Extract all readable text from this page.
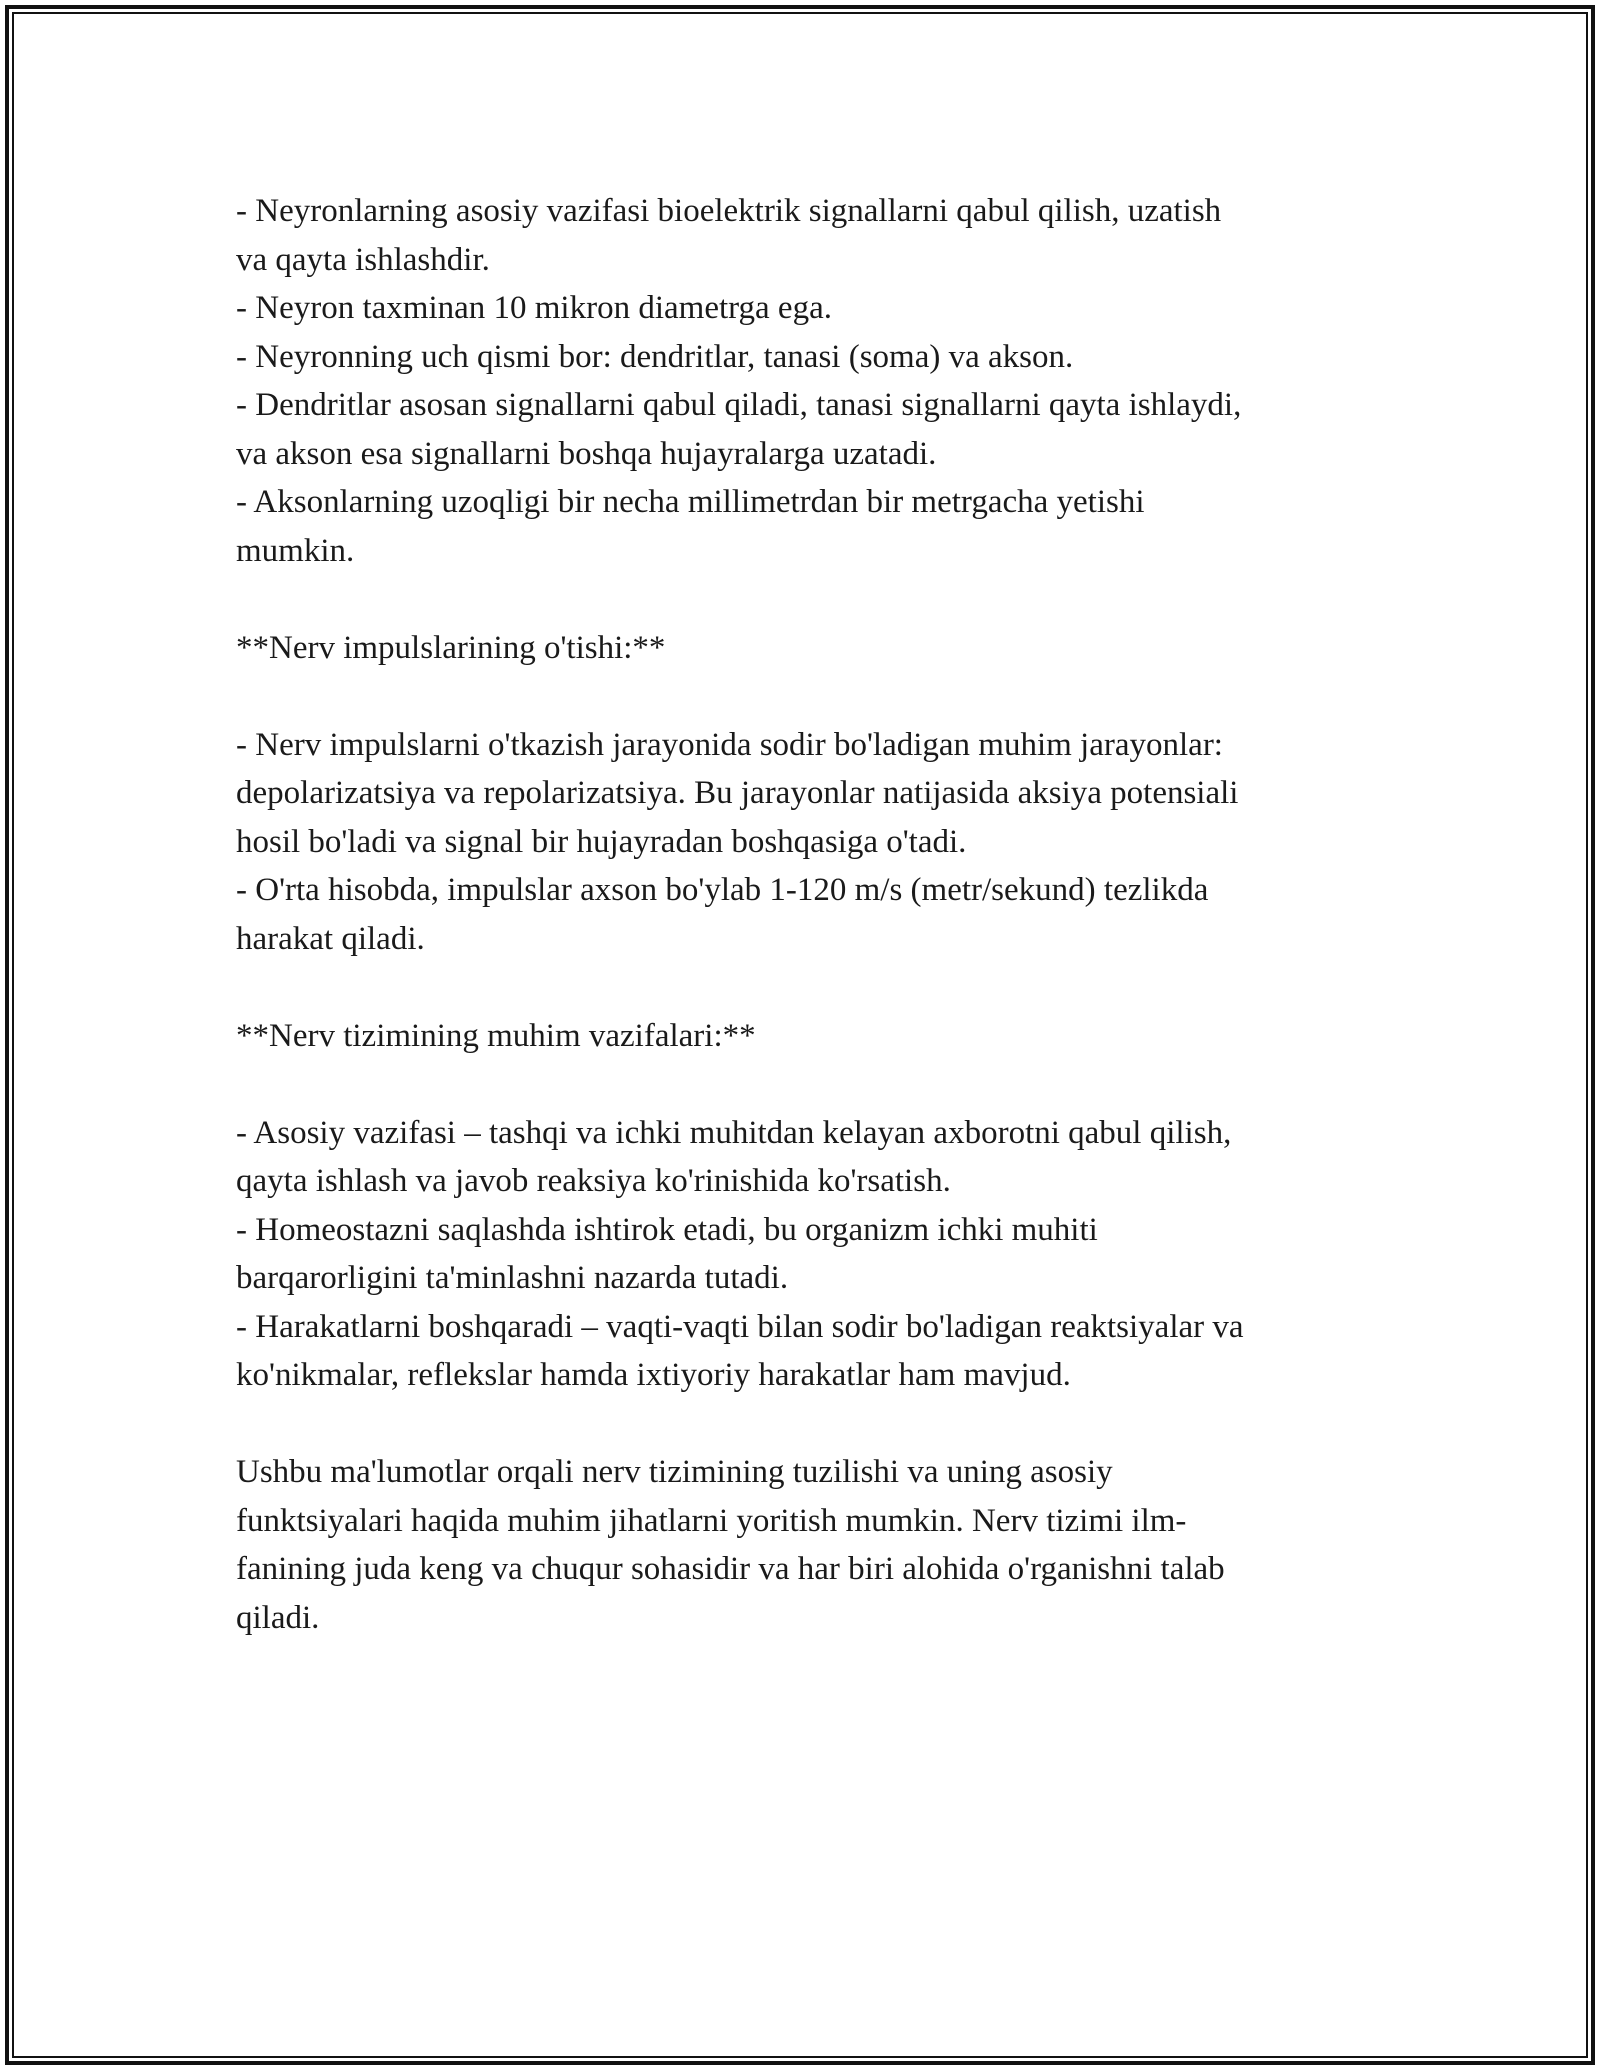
- Neyronlarning asosiy vazifasi bioelektrik signallarni qabul qilish, uzatish
va qayta ishlashdir.
- Neyron taxminan 10 mikron diametrga ega.
- Neyronning uch qismi bor: dendritlar, tanasi (soma) va akson.
- Dendritlar asosan signallarni qabul qiladi, tanasi signallarni qayta ishlaydi,
va akson esa signallarni boshqa hujayralarga uzatadi.
- Aksonlarning uzoqligi bir necha millimetrdan bir metrgacha yetishi
mumkin.
**Nerv impulslarining o'tishi:**
- Nerv impulslarni o'tkazish jarayonida sodir bo'ladigan muhim jarayonlar:
depolarizatsiya va repolarizatsiya. Bu jarayonlar natijasida aksiya potensiali
hosil bo'ladi va signal bir hujayradan boshqasiga o'tadi.
- O'rta hisobda, impulslar axson bo'ylab 1-120 m/s (metr/sekund) tezlikda
harakat qiladi.
**Nerv tizimining muhim vazifalari:**
- Asosiy vazifasi – tashqi va ichki muhitdan kelayan axborotni qabul qilish,
qayta ishlash va javob reaksiya ko'rinishida ko'rsatish.
- Homeostazni saqlashda ishtirok etadi, bu organizm ichki muhiti
barqarorligini ta'minlashni nazarda tutadi.
- Harakatlarni boshqaradi – vaqti-vaqti bilan sodir bo'ladigan reaktsiyalar va
ko'nikmalar, reflekslar hamda ixtiyoriy harakatlar ham mavjud.
Ushbu ma'lumotlar orqali nerv tizimining tuzilishi va uning asosiy
funktsiyalari haqida muhim jihatlarni yoritish mumkin. Nerv tizimi ilm-
fanining juda keng va chuqur sohasidir va har biri alohida o'rganishni talab
qiladi.
